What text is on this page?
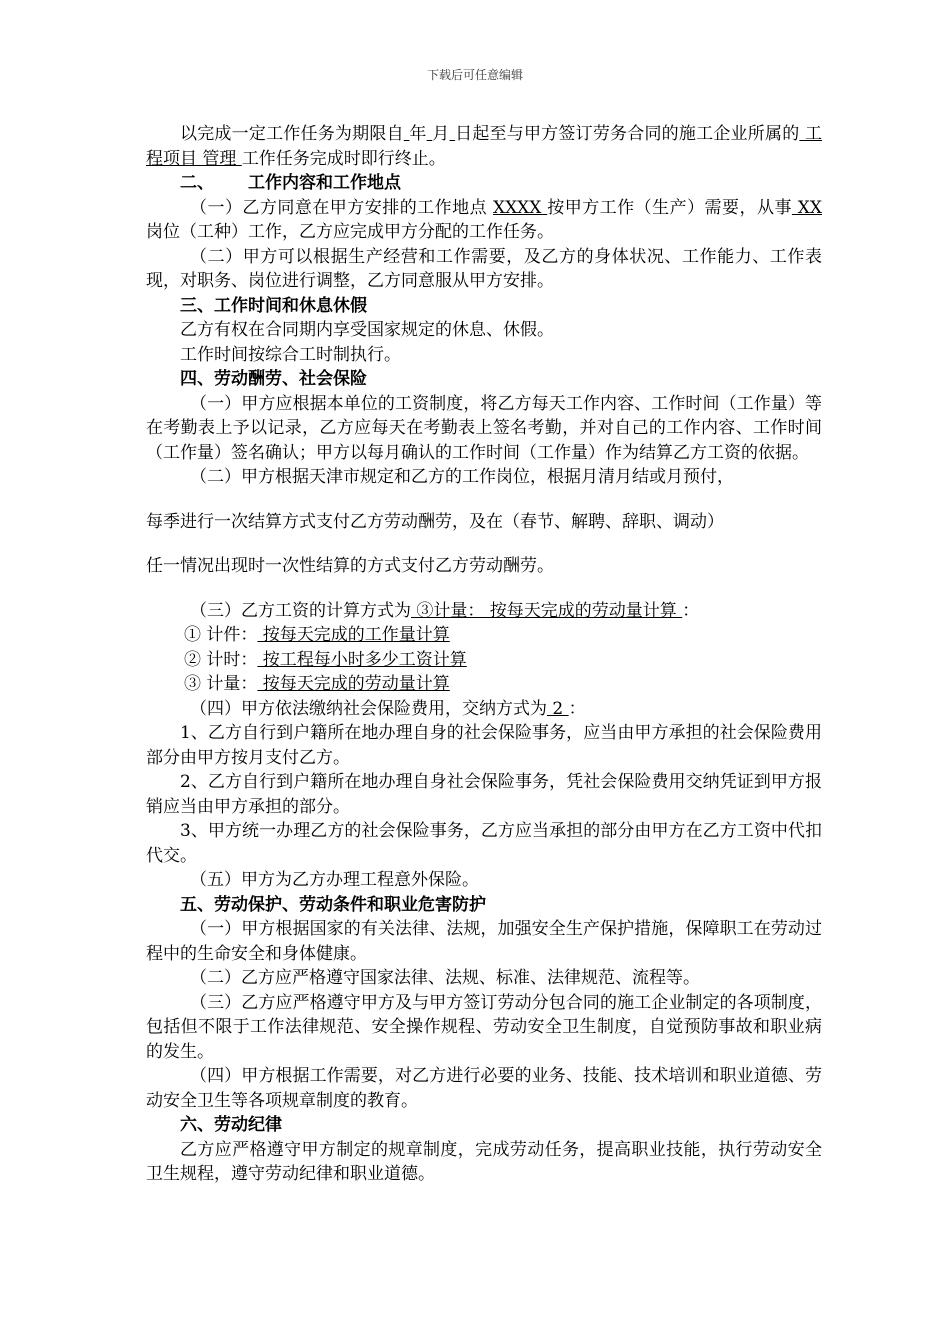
下载后可任意编辑

以完成一定工作任务为期限自 年 月 日起至与甲方签订劳务合同的施工企业所属的 工程项目 管理 工作任务完成时即行终止。

二、 工作内容和工作地点

（一）乙方同意在甲方安排的工作地点 XXXX 按甲方工作（生产）需要，从事 XX 岗位（工种）工作，乙方应完成甲方分配的工作任务。

（二）甲方可以根据生产经营和工作需要，及乙方的身体状况、工作能力、工作表现，对职务、岗位进行调整，乙方同意服从甲方安排。

三、工作时间和休息休假

乙方有权在合同期内享受国家规定的休息、休假。

工作时间按综合工时制执行。

四、劳动酬劳、社会保险

（一）甲方应根据本单位的工资制度，将乙方每天工作内容、工作时间（工作量）等在考勤表上予以记录，乙方应每天在考勤表上签名考勤，并对自己的工作内容、工作时间（工作量）签名确认；甲方以每月确认的工作时间（工作量）作为结算乙方工资的依据。

（二）甲方根据天津市规定和乙方的工作岗位，根据月清月结或月预付，

每季进行一次结算方式支付乙方劳动酬劳，及在（春节、解聘、辞职、调动）

任一情况出现时一次性结算的方式支付乙方劳动酬劳。

（三）乙方工资的计算方式为 ③计量： 按每天完成的劳动量计算 ：

① 计件： 按每天完成的工作量计算

② 计时： 按工程每小时多少工资计算

③ 计量： 按每天完成的劳动量计算

（四）甲方依法缴纳社会保险费用，交纳方式为 2 ：

1、乙方自行到户籍所在地办理自身的社会保险事务，应当由甲方承担的社会保险费用部分由甲方按月支付乙方。

2、乙方自行到户籍所在地办理自身社会保险事务，凭社会保险费用交纳凭证到甲方报销应当由甲方承担的部分。

3、甲方统一办理乙方的社会保险事务，乙方应当承担的部分由甲方在乙方工资中代扣代交。

（五）甲方为乙方办理工程意外保险。

五、劳动保护、劳动条件和职业危害防护

（一）甲方根据国家的有关法律、法规，加强安全生产保护措施，保障职工在劳动过程中的生命安全和身体健康。

（二）乙方应严格遵守国家法律、法规、标准、法律规范、流程等。

（三）乙方应严格遵守甲方及与甲方签订劳动分包合同的施工企业制定的各项制度，包括但不限于工作法律规范、安全操作规程、劳动安全卫生制度，自觉预防事故和职业病的发生。

（四）甲方根据工作需要，对乙方进行必要的业务、技能、技术培训和职业道德、劳动安全卫生等各项规章制度的教育。

六、劳动纪律

乙方应严格遵守甲方制定的规章制度，完成劳动任务，提高职业技能，执行劳动安全卫生规程，遵守劳动纪律和职业道德。
